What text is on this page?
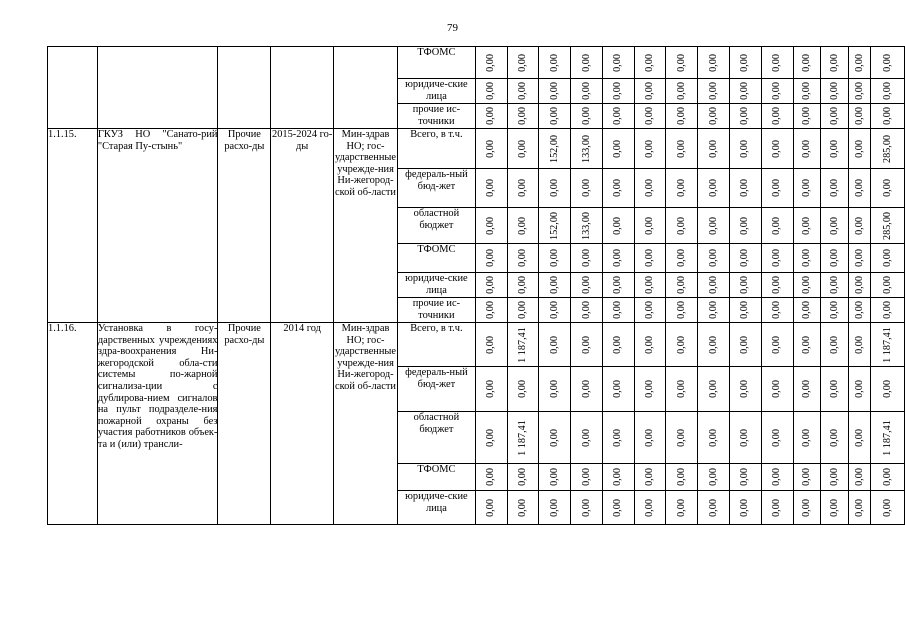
79
					ТФОМС	0,00	0,00	0,00	0,00	0,00	0,00	0,00	0,00	0,00	0,00	0,00	0,00	0,00	0,00

					юридиче-ские лица	0,00	0,00	0,00	0,00	0,00	0,00	0,00	0,00	0,00	0,00	0,00	0,00	0,00	0,00

					прочие ис-точники	0,00	0,00	0,00	0,00	0,00	0,00	0,00	0,00	0,00	0,00	0,00	0,00	0,00	0,00

1.1.15.	ГКУЗ НО "Санато-рий "Старая Пу-стынь"	Прочие расхо-ды	2015-2024 го-ды	Мин-здрав НО; гос-ударственные учрежде-ния Ни-жегород-ской об-ласти	Всего, в т.ч.	0,00	0,00	152,00	133,00	0,00	0,00	0,00	0,00	0,00	0,00	0,00	0,00	0,00	285,00

					федераль-ный бюд-жет	0,00	0,00	0,00	0,00	0,00	0,00	0,00	0,00	0,00	0,00	0,00	0,00	0,00	0,00

					областной бюджет	0,00	0,00	152,00	133,00	0,00	0,00	0,00	0,00	0,00	0,00	0,00	0,00	0,00	285,00

					ТФОМС	0,00	0,00	0,00	0,00	0,00	0,00	0,00	0,00	0,00	0,00	0,00	0,00	0,00	0,00

					юридиче-ские лица	0,00	0,00	0,00	0,00	0,00	0,00	0,00	0,00	0,00	0,00	0,00	0,00	0,00	0,00

					прочие ис-точники	0,00	0,00	0,00	0,00	0,00	0,00	0,00	0,00	0,00	0,00	0,00	0,00	0,00	0,00

1.1.16.	Установка в госу-дарственных учреждениях здра-воохранения Ни-жегородской обла-сти системы по-жарной сигнализа-ции с дублирова-нием сигналов на пульт подразделе-ния пожарной охраны без участия работников объек-та и (или) трансли-	Прочие расхо-ды	2014 год	Мин-здрав НО; гос-ударственные учрежде-ния Ни-жегород-ской об-ласти	Всего, в т.ч.	0,00	1 187,41	0,00	0,00	0,00	0,00	0,00	0,00	0,00	0,00	0,00	0,00	0,00	1 187,41

					федераль-ный бюд-жет	0,00	0,00	0,00	0,00	0,00	0,00	0,00	0,00	0,00	0,00	0,00	0,00	0,00	0,00

					областной бюджет	0,00	1 187,41	0,00	0,00	0,00	0,00	0,00	0,00	0,00	0,00	0,00	0,00	0,00	1 187,41

					ТФОМС	0,00	0,00	0,00	0,00	0,00	0,00	0,00	0,00	0,00	0,00	0,00	0,00	0,00	0,00

					юридиче-ские лица	0,00	0,00	0,00	0,00	0,00	0,00	0,00	0,00	0,00	0,00	0,00	0,00	0,00	0,00
